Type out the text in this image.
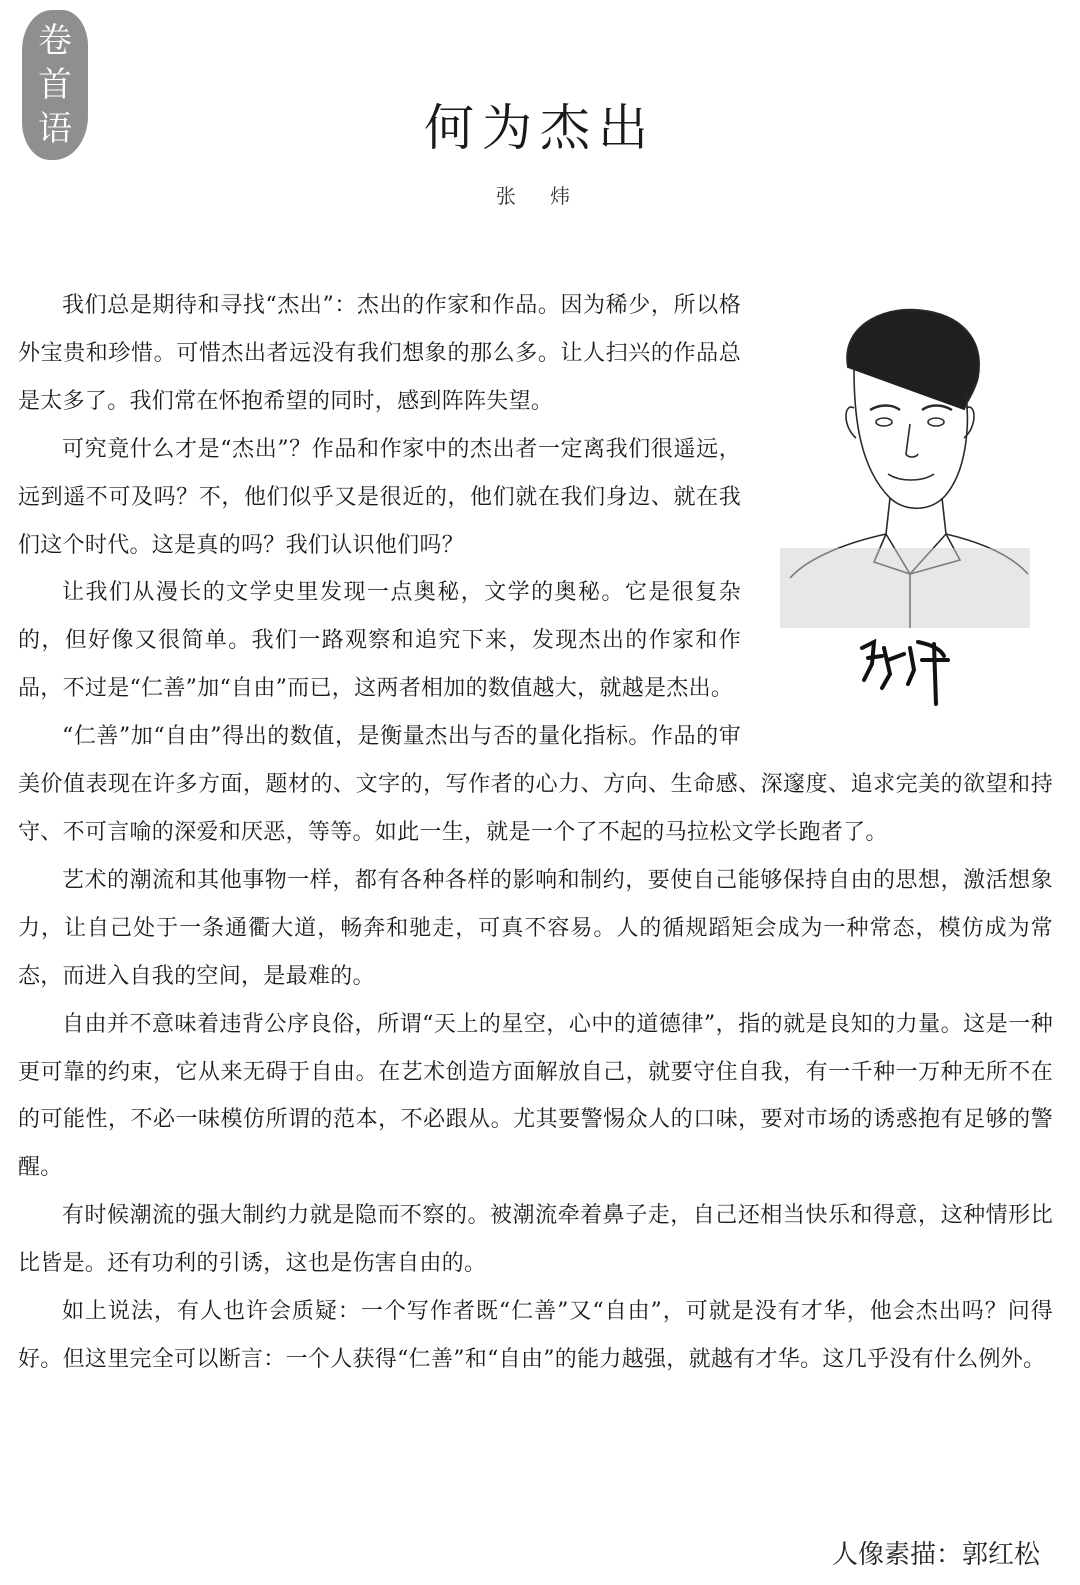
卷
首
语	何为杰出
张 炜

我们总是期待和寻找“杰出”：杰出的作家和作品。因为稀少，所以格外宝贵和珍惜。可惜杰出者远没有我们想象的那么多。让人扫兴的作品总是太多了。我们常在怀抱希望的同时，感到阵阵失望。

可究竟什么才是“杰出”？作品和作家中的杰出者一定离我们很遥远，远到遥不可及吗？不，他们似乎又是很近的，他们就在我们身边、就在我们这个时代。这是真的吗？我们认识他们吗？

让我们从漫长的文学史里发现一点奥秘，文学的奥秘。它是很复杂的，但好像又很简单。我们一路观察和追究下来，发现杰出的作家和作品，不过是“仁善”加“自由”而已，这两者相加的数值越大，就越是杰出。

“仁善”加“自由”得出的数值，是衡量杰出与否的量化指标。作品的审美价值表现在许多方面，题材的、文字的，写作者的心力、方向、生命感、深邃度、追求完美的欲望和持守、不可言喻的深爱和厌恶，等等。如此一生，就是一个了不起的马拉松文学长跑者了。

艺术的潮流和其他事物一样，都有各种各样的影响和制约，要使自己能够保持自由的思想，激活想象力，让自己处于一条通衢大道，畅奔和驰走，可真不容易。人的循规蹈矩会成为一种常态，模仿成为常态，而进入自我的空间，是最难的。

自由并不意味着违背公序良俗，所谓“天上的星空，心中的道德律”，指的就是良知的力量。这是一种更可靠的约束，它从来无碍于自由。在艺术创造方面解放自己，就要守住自我，有一千种一万种无所不在的可能性，不必一味模仿所谓的范本，不必跟从。尤其要警惕众人的口味，要对市场的诱惑抱有足够的警醒。

有时候潮流的强大制约力就是隐而不察的。被潮流牵着鼻子走，自己还相当快乐和得意，这种情形比比皆是。还有功利的引诱，这也是伤害自由的。

如上说法，有人也许会质疑：一个写作者既“仁善”又“自由”，可就是没有才华，他会杰出吗？问得好。但这里完全可以断言：一个人获得“仁善”和“自由”的能力越强，就越有才华。这几乎没有什么例外。

人像素描：郭红松
